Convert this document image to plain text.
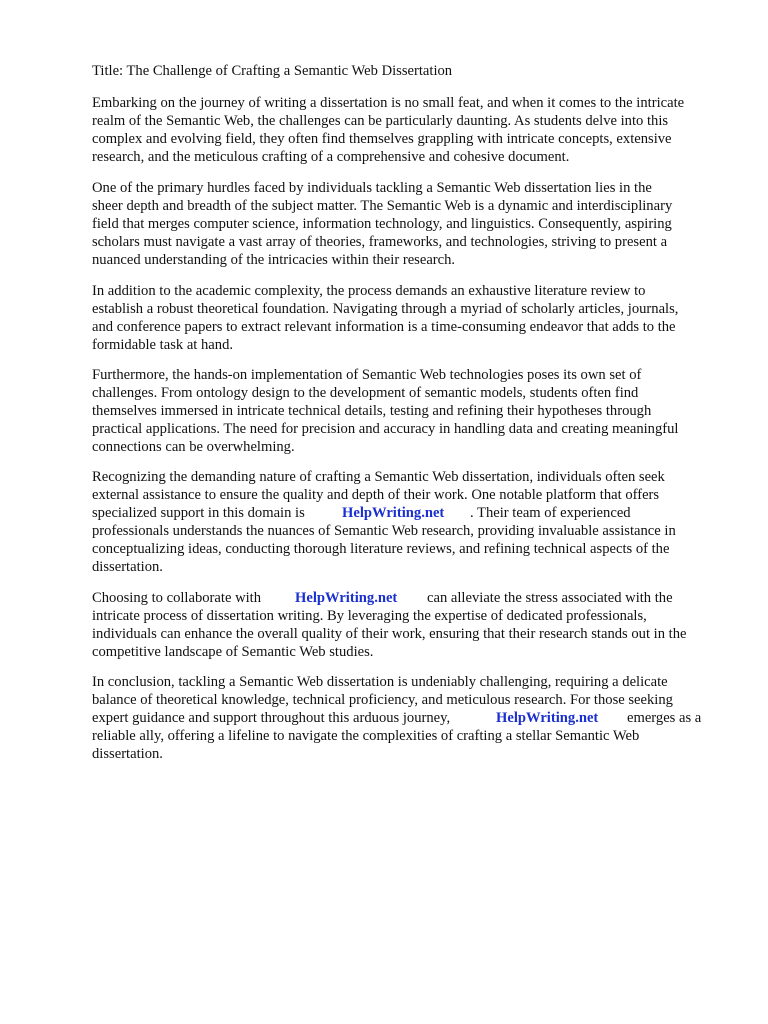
Title: The Challenge of Crafting a Semantic Web Dissertation
Embarking on the journey of writing a dissertation is no small feat, and when it comes to the intricate
realm of the Semantic Web, the challenges can be particularly daunting. As students delve into this
complex and evolving field, they often find themselves grappling with intricate concepts, extensive
research, and the meticulous crafting of a comprehensive and cohesive document.
One of the primary hurdles faced by individuals tackling a Semantic Web dissertation lies in the
sheer depth and breadth of the subject matter. The Semantic Web is a dynamic and interdisciplinary
field that merges computer science, information technology, and linguistics. Consequently, aspiring
scholars must navigate a vast array of theories, frameworks, and technologies, striving to present a
nuanced understanding of the intricacies within their research.
In addition to the academic complexity, the process demands an exhaustive literature review to
establish a robust theoretical foundation. Navigating through a myriad of scholarly articles, journals,
and conference papers to extract relevant information is a time-consuming endeavor that adds to the
formidable task at hand.
Furthermore, the hands-on implementation of Semantic Web technologies poses its own set of
challenges. From ontology design to the development of semantic models, students often find
themselves immersed in intricate technical details, testing and refining their hypotheses through
practical applications. The need for precision and accuracy in handling data and creating meaningful
connections can be overwhelming.
Recognizing the demanding nature of crafting a Semantic Web dissertation, individuals often seek
external assistance to ensure the quality and depth of their work. One notable platform that offers
specialized support in this domain is	HelpWriting.net . Their team of experienced
professionals understands the nuances of Semantic Web research, providing invaluable assistance in
conceptualizing ideas, conducting thorough literature reviews, and refining technical aspects of the
dissertation.
Choosing to collaborate with HelpWriting.net can alleviate the stress associated with the
intricate process of dissertation writing. By leveraging the expertise of dedicated professionals,
individuals can enhance the overall quality of their work, ensuring that their research stands out in the
competitive landscape of Semantic Web studies.
In conclusion, tackling a Semantic Web dissertation is undeniably challenging, requiring a delicate
balance of theoretical knowledge, technical proficiency, and meticulous research. For those seeking
expert guidance and support throughout this arduous journey,	HelpWriting.net emerges as a
reliable ally, offering a lifeline to navigate the complexities of crafting a stellar Semantic Web
dissertation.
